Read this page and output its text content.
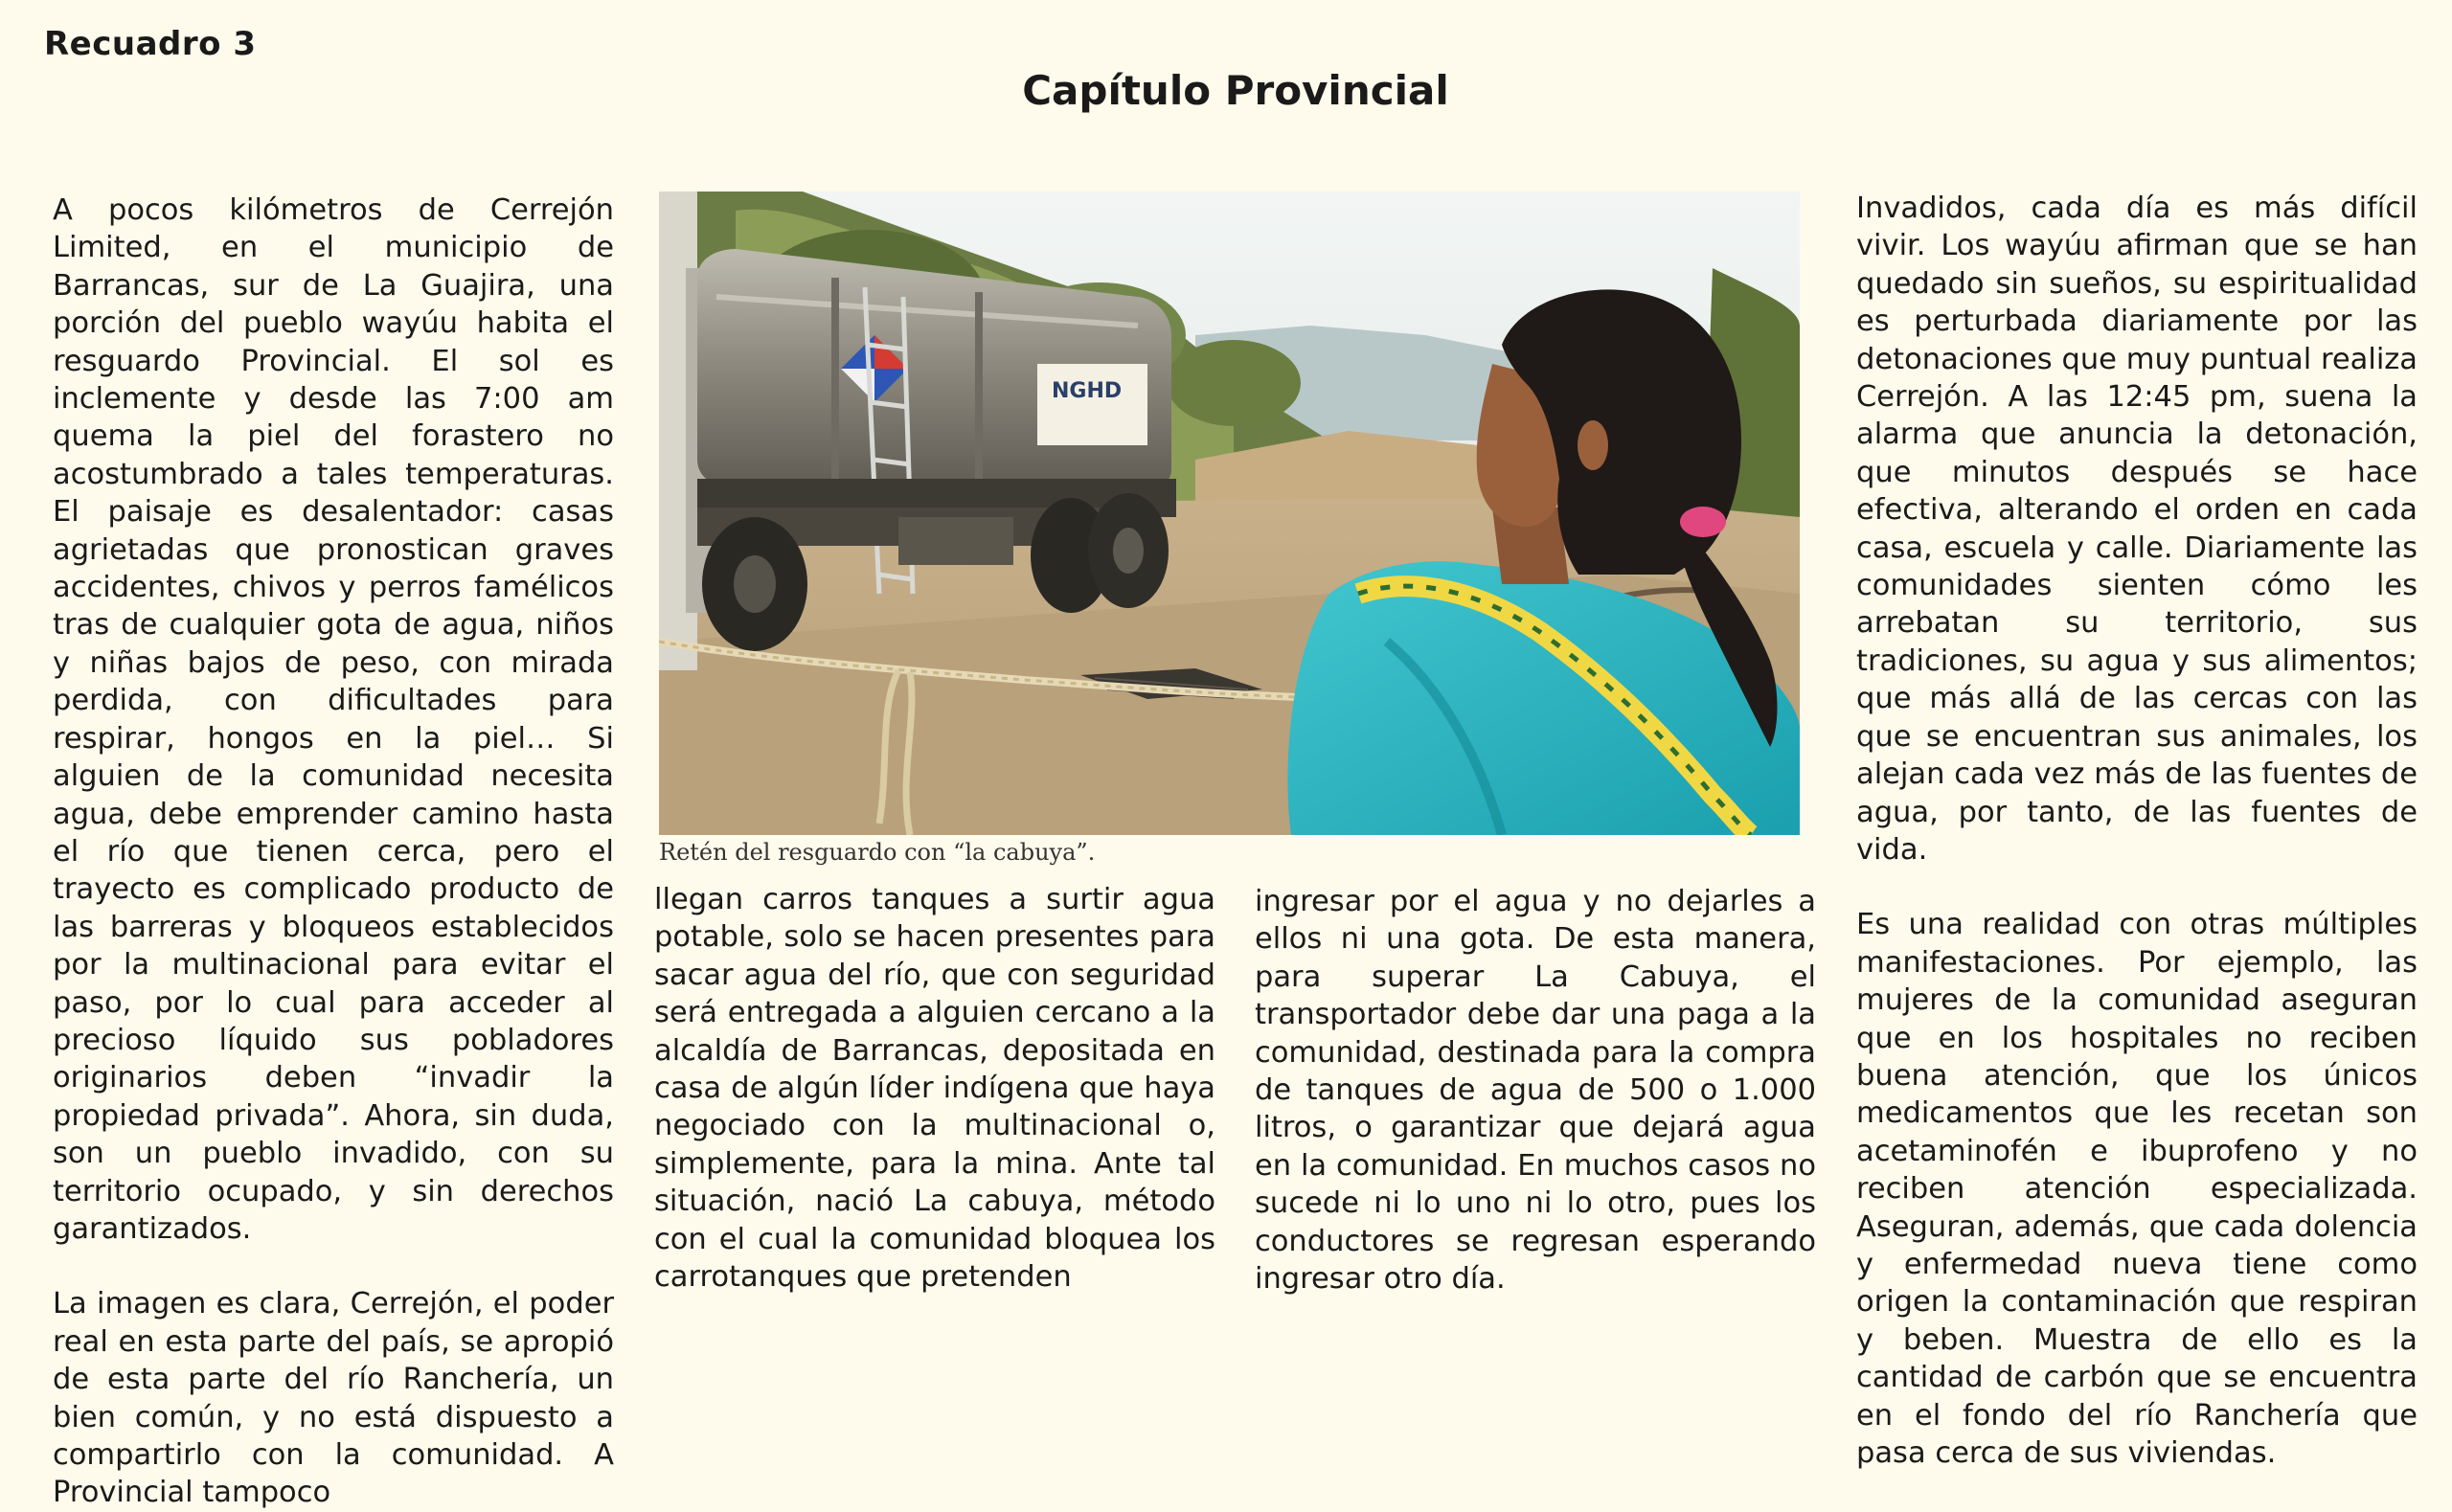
Recuadro 3
Capítulo Provincial

A pocos kilómetros de Cerrejón Limited, en el municipio de Barrancas, sur de La Guajira, una porción del pueblo wayúu habita el resguardo Provincial. El sol es inclemente y desde las 7:00 am quema la piel del forastero no acostumbrado a tales temperaturas. El paisaje es desalentador: casas agrietadas que pronostican graves accidentes, chivos y perros famélicos tras de cualquier gota de agua, niños y niñas bajos de peso, con mirada perdida, con dificultades para respirar, hongos en la piel… Si alguien de la comunidad necesita agua, debe emprender camino hasta el río que tienen cerca, pero el trayecto es complicado producto de las barreras y bloqueos establecidos por la multinacional para evitar el paso, por lo cual para acceder al precioso líquido sus pobladores originarios deben “invadir la propiedad privada”. Ahora, sin duda, son un pueblo invadido, con su territorio ocupado, y sin derechos garantizados.

La imagen es clara, Cerrejón, el poder real en esta parte del país, se apropió de esta parte del río Ranchería, un bien común, y no está dispuesto a compartirlo con la comunidad. A Provincial tampoco

NGHD
Retén del resguardo con “la cabuya”.

llegan carros tanques a surtir agua potable, solo se hacen presentes para sacar agua del río, que con seguridad será entregada a alguien cercano a la alcaldía de Barrancas, depositada en casa de algún líder indígena que haya negociado con la multinacional o, simplemente, para la mina. Ante tal situación, nació La cabuya, método con el cual la comunidad bloquea los carrotanques que pretenden

ingresar por el agua y no dejarles a ellos ni una gota. De esta manera, para superar La Cabuya, el transportador debe dar una paga a la comunidad, destinada para la compra de tanques de agua de 500 o 1.000 litros, o garantizar que dejará agua en la comunidad. En muchos casos no sucede ni lo uno ni lo otro, pues los conductores se regresan esperando ingresar otro día.

Invadidos, cada día es más difícil vivir. Los wayúu afirman que se han quedado sin sueños, su espiritualidad es perturbada diariamente por las detonaciones que muy puntual realiza Cerrejón. A las 12:45 pm, suena la alarma que anuncia la detonación, que minutos después se hace efectiva, alterando el orden en cada casa, escuela y calle. Diariamente las comunidades sienten cómo les arrebatan su territorio, sus tradiciones, su agua y sus alimentos; que más allá de las cercas con las que se encuentran sus animales, los alejan cada vez más de las fuentes de agua, por tanto, de las fuentes de vida.

Es una realidad con otras múltiples manifestaciones. Por ejemplo, las mujeres de la comunidad aseguran que en los hospitales no reciben buena atención, que los únicos medicamentos que les recetan son acetaminofén e ibuprofeno y no reciben atención especializada. Aseguran, además, que cada dolencia y enfermedad nueva tiene como origen la contaminación que respiran y beben. Muestra de ello es la cantidad de carbón que se encuentra en el fondo del río Ranchería que pasa cerca de sus viviendas.
